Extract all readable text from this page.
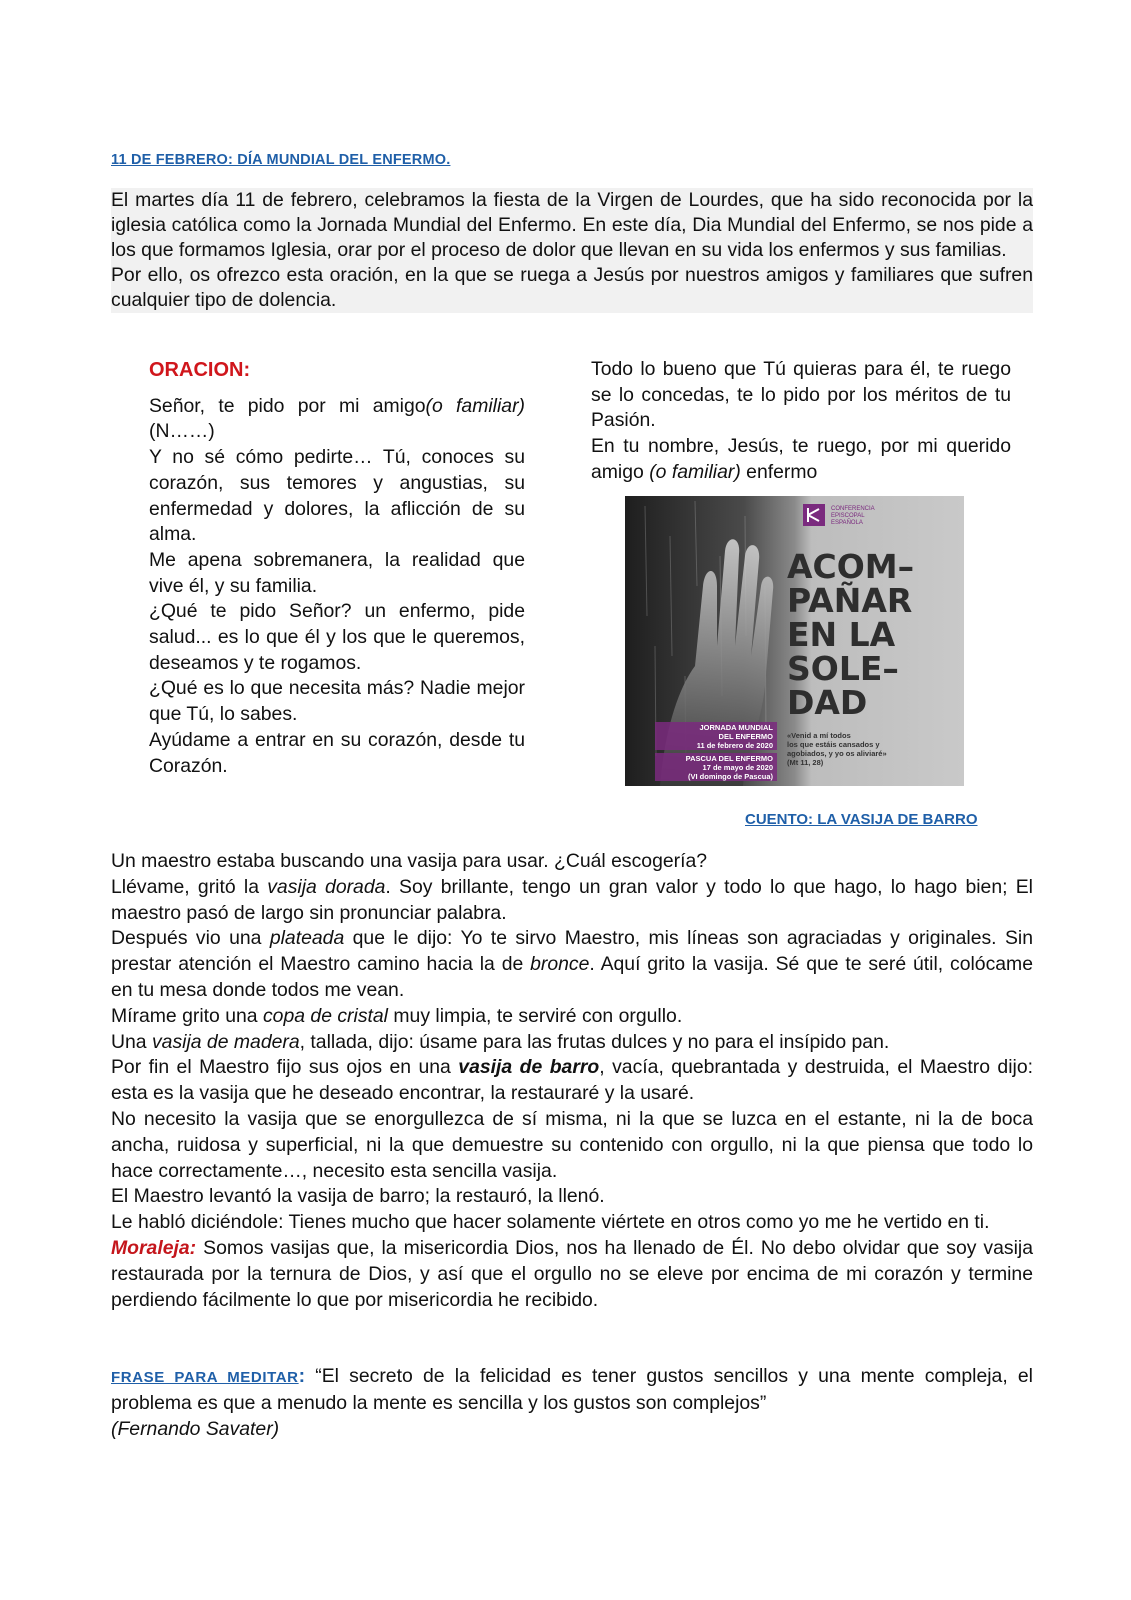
11 DE FEBRERO: DÍA MUNDIAL DEL ENFERMO.

El martes día 11 de febrero, celebramos la fiesta de la Virgen de Lourdes, que ha sido reconocida por la iglesia católica como la Jornada Mundial del Enfermo. En este día, Dia Mundial del Enfermo, se nos pide a los que formamos Iglesia, orar por el proceso de dolor que llevan en su vida los enfermos y sus familias.

Por ello, os ofrezco esta oración, en la que se ruega a Jesús por nuestros amigos y familiares que sufren cualquier tipo de dolencia.

ORACION:

Señor, te pido por mi amigo(o familiar) (N……)

Y no sé cómo pedirte… Tú, conoces su corazón, sus temores y angustias, su enfermedad y dolores, la aflicción de su alma.

Me apena sobremanera, la realidad que vive él, y su familia.

¿Qué te pido Señor? un enfermo, pide salud... es lo que él y los que le queremos, deseamos y te rogamos.

¿Qué es lo que necesita más? Nadie mejor que Tú, lo sabes.

Ayúdame a entrar en su corazón, desde tu Corazón.

Todo lo bueno que Tú quieras para él, te ruego se lo concedas, te lo pido por los méritos de tu Pasión.

En tu nombre, Jesús, te ruego, por mi querido amigo (o familiar) enfermo

CONFERENCIA
EPISCOPAL
ESPAÑOLA
ACOM–
PAÑAR
EN LA
SOLE–
DAD
JORNADA MUNDIAL
DEL ENFERMO
11 de febrero de 2020
PASCUA DEL ENFERMO
17 de mayo de 2020
(VI domingo de Pascua)
«Venid a mí todos
los que estáis cansados y
agobiados, y yo os aliviaré»
(Mt 11, 28)
CUENTO: LA VASIJA DE BARRO

Un maestro estaba buscando una vasija para usar. ¿Cuál escogería?

Llévame, gritó la vasija dorada. Soy brillante, tengo un gran valor y todo lo que hago, lo hago bien; El maestro pasó de largo sin pronunciar palabra.

Después vio una plateada que le dijo: Yo te sirvo Maestro, mis líneas son agraciadas y originales. Sin prestar atención el Maestro camino hacia la de bronce. Aquí grito la vasija. Sé que te seré útil, colócame en tu mesa donde todos me vean.

Mírame grito una copa de cristal muy limpia, te serviré con orgullo.

Una vasija de madera, tallada, dijo: úsame para las frutas dulces y no para el insípido pan.

Por fin el Maestro fijo sus ojos en una vasija de barro, vacía, quebrantada y destruida, el Maestro dijo: esta es la vasija que he deseado encontrar, la restauraré y la usaré.

No necesito la vasija que se enorgullezca de sí misma, ni la que se luzca en el estante, ni la de boca ancha, ruidosa y superficial, ni la que demuestre su contenido con orgullo, ni la que piensa que todo lo hace correctamente…, necesito esta sencilla vasija.

El Maestro levantó la vasija de barro; la restauró, la llenó.

Le habló diciéndole: Tienes mucho que hacer solamente viértete en otros como yo me he vertido en ti.

Moraleja: Somos vasijas que, la misericordia Dios, nos ha llenado de Él. No debo olvidar que soy vasija restaurada por la ternura de Dios, y así que el orgullo no se eleve por encima de mi corazón y termine perdiendo fácilmente lo que por misericordia he recibido.

FRASE PARA MEDITAR: “El secreto de la felicidad es tener gustos sencillos y una mente compleja, el problema es que a menudo la mente es sencilla y los gustos son complejos”
(Fernando Savater)
